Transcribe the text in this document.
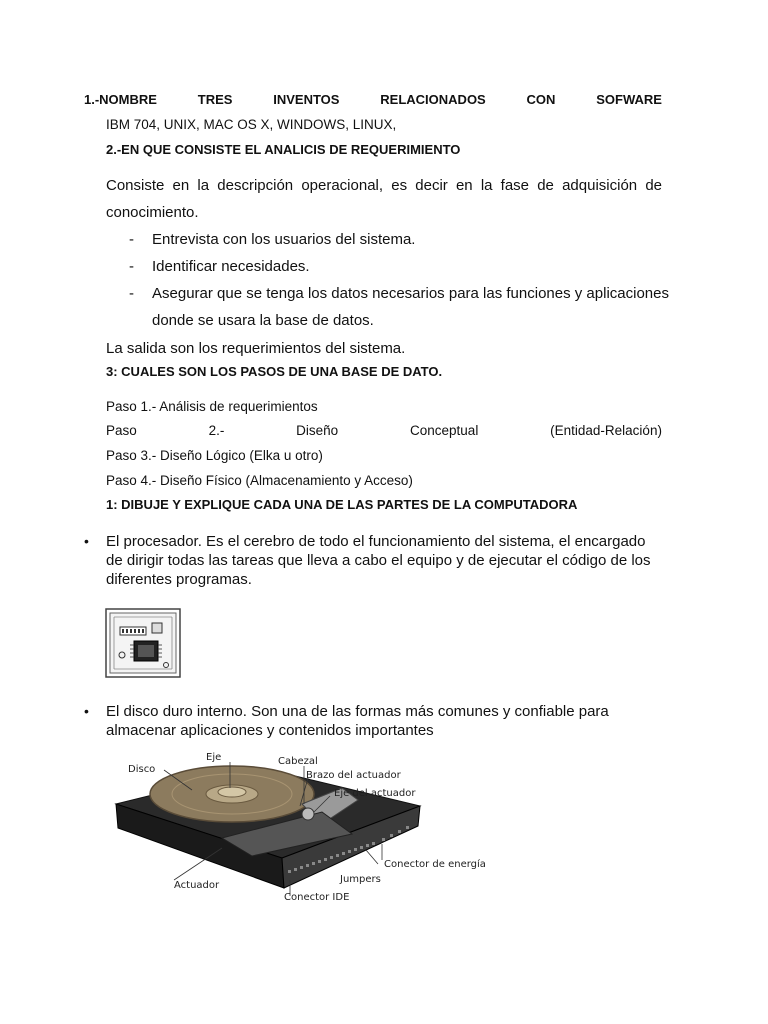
1.-NOMBRE	TRES	INVENTOS	RELACIONADOS	CON	SOFWARE
IBM 704, UNIX, MAC OS X, WINDOWS, LINUX,
2.-EN QUE CONSISTE EL ANALICIS DE REQUERIMIENTO
Consiste en la descripción operacional, es decir en la fase de adquisición de
conocimiento.
- Entrevista con los usuarios del sistema.
- Identificar necesidades.
- Asegurar que se tenga los datos necesarios para las funciones y aplicaciones
donde se usara la base de datos.
La salida son los requerimientos del sistema.
3: CUALES SON LOS PASOS DE UNA BASE DE DATO.
Paso 1.- Análisis de requerimientos
Paso	2.-	Diseño	Conceptual	(Entidad-Relación)
Paso 3.- Diseño Lógico (Elka u otro)
Paso 4.- Diseño Físico (Almacenamiento y Acceso)
1: DIBUJE Y EXPLIQUE CADA UNA DE LAS PARTES DE LA COMPUTADORA
• El procesador. Es el cerebro de todo el funcionamiento del sistema, el encargado de dirigir todas las tareas que lleva a cabo el equipo y de ejecutar el código de los diferentes programas.
• El disco duro interno. Son una de las formas más comunes y confiable para almacenar aplicaciones y contenidos importantes
Disco
Eje	Cabezal
Brazo del actuador
Eje del actuador
Conector de energía
Jumpers
Actuador
Conector IDE
